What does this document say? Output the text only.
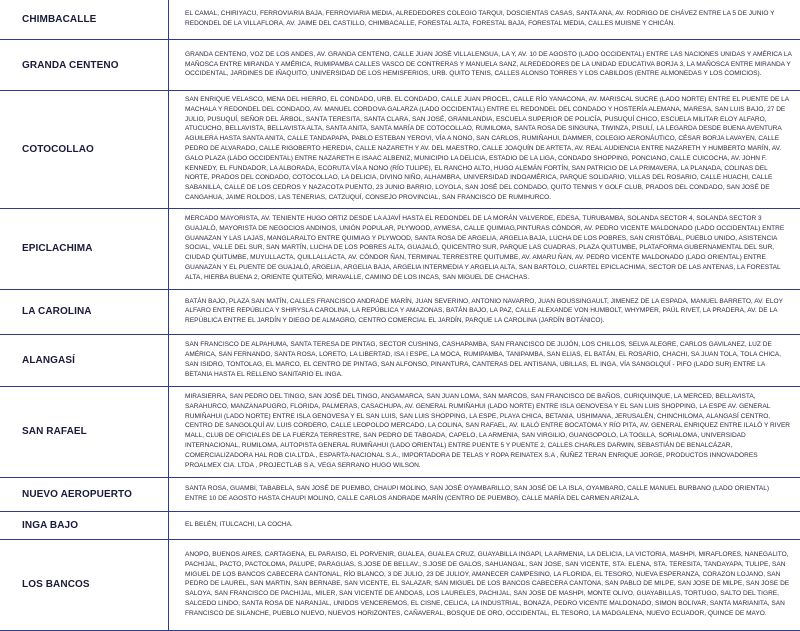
CHIMBACALLE	EL CAMAL, CHIRIYACU, FERROVIARIA BAJA, FERROVIARIA MEDIA, ALREDEDORES COLEGIO TARQUI, DOSCIENTAS CASAS, SANTA ANA, AV. RODRIGO DE CHÁVEZ ENTRE LA 5 DE JUNIO Y REDONDEL DE LA VILLAFLORA, AV. JAIME DEL CASTILLO, CHIMBACALLE, FORESTAL ALTA, FORESTAL BAJA, FORESTAL MEDIA, CALLES MUISNE Y CHICÁN.
GRANDA CENTENO	GRANDA CENTENO, VOZ DE LOS ANDES, AV. GRANDA CENTENO, CALLE JUAN JOSÉ VILLALENGUA, LA Y, AV. 10 DE AGOSTO (LADO OCCIDENTAL) ENTRE LAS NACIONES UNIDAS Y AMÉRICA LA MAÑOSCA ENTRE MIRANDA Y AMÉRICA, RUMIPAMBA CALLES VASCO DE CONTRERAS Y MANUELA SANZ, ALREDEDORES DE LA UNIDAD EDUCATIVA BORJA 3, LA MAÑOSCA ENTRE MIRANDA Y OCCIDENTAL, JARDINES DE IÑAQUITO, UNIVERSIDAD DE LOS HEMISFERIOS, URB. QUITO TENIS, CALLES ALONSO TORRES Y LOS CABILDOS (ENTRE ALMONEDAS Y LOS COMICIOS).
COTOCOLLAO	SAN ENRIQUE VELASCO, MENA DEL HIERRO, EL CONDADO, URB. EL CONDADO, CALLE JUAN PROCEL, CALLE RÍO YANACONA, AV. MARISCAL SUCRE (LADO NORTE) ENTRE EL PUENTE DE LA MACHALA Y REDONDEL DEL CONDADO, AV. MANUEL CORDOVA GALARZA (LADO OCCIDENTAL) ENTRE EL REDONDEL DEL CONDADO Y HOSTERÍA ALEMANA, MARESA, SAN LUIS BAJO, 27 DE JULIO, PUSUQUÍ, SEÑOR DEL ÁRBOL, SANTA TERESITA, SANTA CLARA, SAN JOSÉ, GRANILANDIA, ESCUELA SUPERIOR DE POLICÍA, PUSUQUÍ CHICO, ESCUELA MILITAR ELOY ALFARO, ATUCUCHO, BELLAVISTA, BELLAVISTA ALTA, SANTA ANITA, SANTA MARÍA DE COTOCOLLAO, RUMILOMA, SANTA ROSA DE SINGUNA, TIWINZA, PISULÍ, LA LEGARDA DESDE BUENA AVENTURA AGUILERA HASTA SANTA ANITA, CALLE TANDAPAPA, PABLO ESTEBAN YEROVI, VÍA A NONO, SAN CARLOS, RUMIÑAHUI, DAMMER, COLEGIO AERONÁUTICO, CÉSAR BORJA LAVAYEN, CALLE PEDRO DE ALVARADO, CALLE RIGOBERTO HEREDIA, CALLE NAZARETH Y AV. DEL MAESTRO, CALLE JOAQUÍN DE ARTETA, AV. REAL AUDIENCIA ENTRE NAZARETH Y HUMBERTO MARÍN, AV. GALO PLAZA (LADO OCCIDENTAL) ENTRE NAZARETH E ISAAC ALBENIZ, MUNICIPIO LA DELICIA, ESTADIO DE LA LIGA, CONDADO SHOPPING, PONCIANO, CALLE CUICOCHA, AV. JOHN F. KENNEDY, EL FUNDADOR, LA ALBORADA, ECORUTA VÍA A NONO (RÍO TULIPE), EL RANCHO ALTO, HUGO ALEMÁN FORTÍN, SAN PATRICIO DE LA PRIMAVERA, LA PLANADA, COLINAS DEL NORTE, PRADOS DEL CONDADO, COTOCOLLAO, LA DELICIA, DIVINO NIÑO, ALHAMBRA, UNIVERSIDAD INDOAMÉRICA, PARQUE SOLIDARIO, VILLAS DEL ROSARIO, CALLE HUACHI, CALLE SABANILLA, CALLE DE LOS CEDROS Y NAZACOTA PUENTO, 23 JUNIO BARRIO, LOYOLA, SAN JOSÉ DEL CONDADO, QUITO TENNIS Y GOLF CLUB, PRADOS DEL CONDADO, SAN JOSÉ DE CANGAHUA, JAIME ROLDOS, LAS TENERIAS, CATZUQUÍ, CONSEJO PROVINCIAL, SAN FRANCISCO DE RUMIHURCO.
EPICLACHIMA	MERCADO MAYORISTA, AV. TENIENTE HUGO ORTIZ DESDE LA AJAVÍ HASTA EL REDONDEL DE LA MORÁN VALVERDE, EDESA, TURUBAMBA, SOLANDA SECTOR 4, SOLANDA SECTOR 3 GUAJALÓ, MAYORISTA DE NEGOCIOS ANDINOS, UNIÓN POPULAR, PLYWOOD, AYMESA, CALLE QUIMIAG,PINTURAS CÓNDOR, AV. PEDRO VICENTE MALDONADO (LADO OCCIDENTAL) ENTRE GUANAZAN Y LAS LAJAS, MANGLARALTO ENTRE QUIMIAG Y PLYWOOD, SANTA ROSA DE ARGELIA, ARGELIA BAJA, LUCHA DE LOS POBRES, SAN CRISTÓBAL, PUEBLO UNIDO, ASISTENCIA SOCIAL, VALLE DEL SUR, SAN MARTÍN, LUCHA DE LOS POBRES ALTA, GUAJALÓ, QUICENTRO SUR, PARQUE LAS CUADRAS, PLAZA QUITUMBE, PLATAFORMA GUBERNAMENTAL DEL SUR, CIUDAD QUITUMBE, MUYULLACTA, QUILLALLACTA, AV. CÓNDOR ÑAN, TERMINAL TERRESTRE QUITUMBE, AV. AMARU ÑAN, AV. PEDRO VICENTE MALDONADO (LADO ORIENTAL) ENTRE GUANAZAN Y EL PUENTE DE GUAJALÓ, ARGELIA, ARGELIA BAJA, ARGELIA INTERMEDIA Y ARGELIA ALTA, SAN BARTOLO, CUARTEL EPICLACHIMA, SECTOR DE LAS ANTENAS, LA FORESTAL ALTA, HIERBA BUENA 2, ORIENTE QUITEÑO, MIRAVALLE, CAMINO DE LOS INCAS, SAN MIGUEL DE CHACHAS.
LA CAROLINA	BATÁN BAJO, PLAZA SAN MATÍN, CALLES FRANCISCO ANDRADE MARÍN, JUAN SEVERINO, ANTONIO NAVARRO, JUAN BOUSSINGAULT, JIMENEZ DE LA ESPADA, MANUEL BARRETO, AV. ELOY ALFARO ENTRE REPÚBLICA Y SHIRYSLA CAROLINA, LA REPÚBLICA Y AMAZONAS, BATÁN BAJO, LA PAZ, CALLE ALEXANDE VON HUMBOLT, WHYMPER, PAÚL RIVET, LA PRADERA, AV. DE LA REPÚBLICA ENTRE EL JARDÍN Y DIEGO DE ALMAGRO, CENTRO COMERCIAL EL JARDÍN, PARQUE LA CAROLINA (JARDÍN BOTÁNICO).
ALANGASÍ	SAN FRANCISCO DE ALPAHUMA, SANTA TERESA DE PINTAG, SECTOR CUSHING, CASHAPAMBA, SAN FRANCISCO DE JUJÓN, LOS CHILLOS, SELVA ALEGRE, CARLOS GAVILANEZ, LUZ DE AMÉRICA, SAN FERNANDO, SANTA ROSA, LORETO, LA LIBERTAD, ISA I ESPE, LA MOCA, RUMIPAMBA, TANIPAMBA, SAN ELIAS, EL BATÁN, EL ROSARIO, CHACHI, SA JUAN TOLA, TOLA CHICA, SAN ISIDRO, TONTOLAG, EL MARCO, EL CENTRO DE PINTAG, SAN ALFONSO, PINANTURA, CANTERAS DEL ANTISANA, UBILLAS, EL INGA, VÍA SANGOLQUÍ - PIFO (LADO SUR) ENTRE LA BETANIA HASTA EL RELLENO SANITARIO EL INGA.
SAN RAFAEL	MIRASIERRA, SAN PEDRO DEL TINGO, SAN JOSÉ DEL TINGO, ANGAMARCA, SAN JUAN LOMA, SAN MARCOS, SAN FRANCISCO DE BAÑOS, CURIQUINQUE, LA MERCED, BELLAVISTA, SARAHURCO, MANZANAPUGRO, FLORIDA, PALMERAS, CASACHUPA, AV. GENERAL RUMIÑAHUI (LADO NORTE) ENTRE ISLA GENOVESA Y EL SAN LUIS SHOPPING, LA ESPE AV. GENERAL RUMIÑAHUI (LADO NORTE) ENTRE ISLA GENOVESA Y EL SAN LUIS, SAN LUIS SHOPPING, LA ESPE, PLAYA CHICA, BETANIA, USHIMANA, JERUSALÉN, CHINCHILOMA, ALANGASÍ CENTRO, CENTRO DE SANGOLQUÍ AV. LUIS CORDERO, CALLE LEOPOLDO MERCADO, LA COLINA, SAN RAFAEL, AV. ILALÓ ENTRE BOCATOMA Y RÍO PITA, AV. GENERAL ENRIQUEZ ENTRE ILALÓ Y RIVER MALL, CLUB DE OFICIALES DE LA FUERZA TERRESTRE, SAN PEDRO DE TABOADA, CAPELO, LA ARMENIA, SAN VIRGILIO, GUANGOPOLO, LA TOGLLA, SORIALOMA, UNIVERSIDAD INTERNACIONAL, RUMILOMA, AUTOPISTA GENERAL RUMIÑAHUI (LADO ORIENTAL) ENTRE PUENTE 5 Y PUENTE 2, CALLES CHARLES DARWIN, SEBASTIÁN DE BENALCÁZAR, COMERCIALIZADORA HAL ROB CIA.LTDA., ESPARTA-NACIONAL S.A., IMPORTADORA DE TELAS Y ROPA REINATEX S.A , ÑUÑEZ TERAN ENRIQUE JORGE, PRODUCTOS INNOVADORES PROALMEX CIA. LTDA , PROJECTLAB S A, VEGA SERRANO HUGO WILSON.
NUEVO AEROPUERTO	SANTA ROSA, GUAMBI, TABABELA, SAN JOSÉ DE PUEMBO, CHAUPI MOLINO, SAN JOSÉ OYAMBARILLO, SAN JOSÉ DE LA ISLA, OYAMBARO, CALLE MANUEL BURBANO (LADO ORIENTAL) ENTRE 10 DE AGOSTO HASTA CHAUPI MOLINO, CALLE CARLOS ANDRADE MARÍN (CENTRO DE PUEMBO), CALLE MARÍA DEL CARMEN ARIZALA.
INGA BAJO	EL BELÉN, ITULCACHI, LA COCHA.
LOS BANCOS	ANOPO, BUENOS AIRES, CARTAGENA, EL PARAISO, EL PORVENIR, GUALEA, GUALEA CRUZ, GUAYABILLA INGAPI, LA ARMENIA, LA DELICIA, LA VICTORIA, MASHPI, MIRAFLORES, NANEGALITO, PACHIJAL, PACTO, PACTOLOMA, PALUPE, PARAGUAS, S.JOSE DE BELLAV., S.JOSE DE GALOS, SAHUANGAL, SAN JOSE, SAN VICENTE, STA. ELENA, STA. TERESITA, TANDAYAPA, TULIPE, SAN MIGUEL DE LOS BANCOS CABECERA CANTONAL, RÍO BLANCO, 3 DE JULIO, 23 DE JULIOY, AMANECER CAMPESINO, LA FLORIDA, EL TESORO, NUEVA ESPERANZA, CORAZON LOJANO, SAN PEDRO DE LAUREL, SAN MARTIN, SAN BERNABE, SAN VICENTE, EL SALAZAR, SAN MIGUEL DE LOS BANCOS CABECERA CANTONA, SAN PABLO DE MILPE, SAN JOSE DE MILPE, SAN JOSE DE SALOYA, SAN FRANCISCO DE PACHIJAL, MILER, SAN VICENTE DE ANDOAS, LOS LAURELES, PACHIJAL, SAN JOSE DE MASHPI, MONTE OLIVO, GUAYABILLAS, TORTUGO, SALTO DEL TIGRE, SALCEDO LINDO, SANTA ROSA DE NARANJAL, UNIDOS VENCEREMOS, EL CISNE, CELICA, LA INDUSTRIAL, BONAZA, PEDRO VICENTE MALDONADO, SIMON BOLIVAR, SANTA MARIANITA, SAN FRANCISCO DE SILANCHE, PUEBLO NUEVO, NUEVOS HORIZONTES, CAÑAVERAL, BOSQUE DE ORO, OCCIDENTAL, EL TESORO, LA MADGALENA, NUEVO ECUADOR, QUINCE DE MAYO.
